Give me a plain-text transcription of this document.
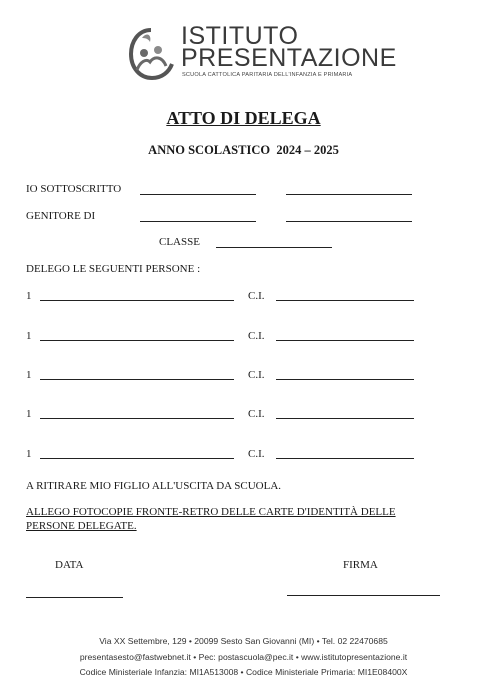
ISTITUTO
PRESENTAZIONE
SCUOLA CATTOLICA PARITARIA DELL'INFANZIA E PRIMARIA
ATTO DI DELEGA
ANNO SCOLASTICO  2024 – 2025
IO SOTTOSCRITTO
GENITORE DI
CLASSE
DELEGO LE SEGUENTI PERSONE :
1	C.I.
1	C.I.
1	C.I.
1	C.I.
1	C.I.
A RITIRARE MIO FIGLIO ALL'USCITA DA SCUOLA.
ALLEGO FOTOCOPIE FRONTE-RETRO DELLE CARTE D'IDENTITÀ DELLE
PERSONE DELEGATE.
DATA	FIRMA
Via XX Settembre, 129 • 20099 Sesto San Giovanni (MI) • Tel. 02 22470685
presentasesto@fastwebnet.it • Pec: postascuola@pec.it • www.istitutopresentazione.it
Codice Ministeriale Infanzia: MI1A513008 • Codice Ministeriale Primaria: MI1E08400X
